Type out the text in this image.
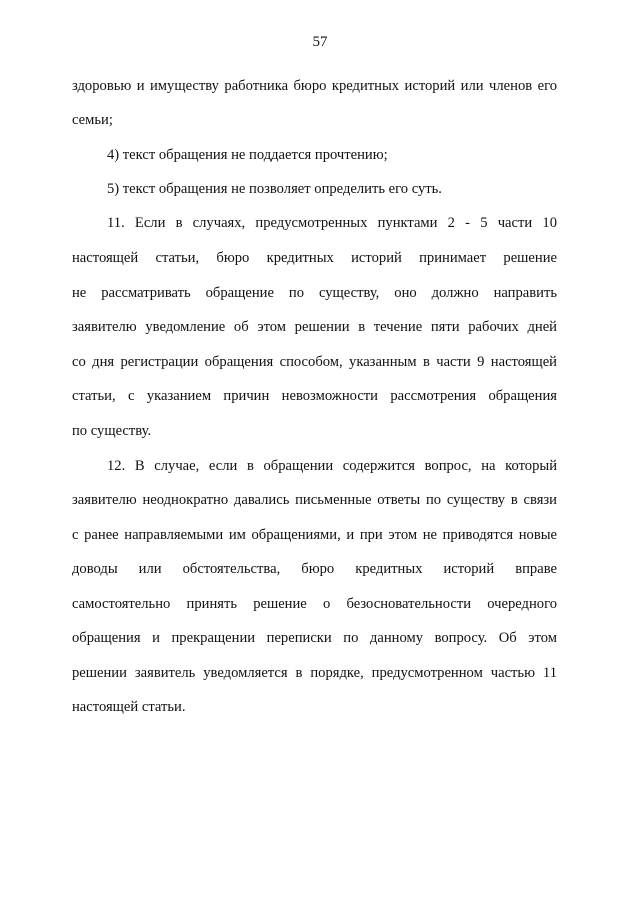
57
здоровью и имуществу работника бюро кредитных историй или членов его
семьи;
4) текст обращения не поддается прочтению;
5) текст обращения не позволяет определить его суть.
11. Если в случаях, предусмотренных пунктами 2 - 5 части 10
настоящей статьи, бюро кредитных историй принимает решение
не рассматривать обращение по существу, оно должно направить
заявителю уведомление об этом решении в течение пяти рабочих дней
со дня регистрации обращения способом, указанным в части 9 настоящей
статьи, с указанием причин невозможности рассмотрения обращения
по существу.
12. В случае, если в обращении содержится вопрос, на который
заявителю неоднократно давались письменные ответы по существу в связи
с ранее направляемыми им обращениями, и при этом не приводятся новые
доводы или обстоятельства, бюро кредитных историй вправе
самостоятельно принять решение о безосновательности очередного
обращения и прекращении переписки по данному вопросу. Об этом
решении заявитель уведомляется в порядке, предусмотренном частью 11
настоящей статьи.
